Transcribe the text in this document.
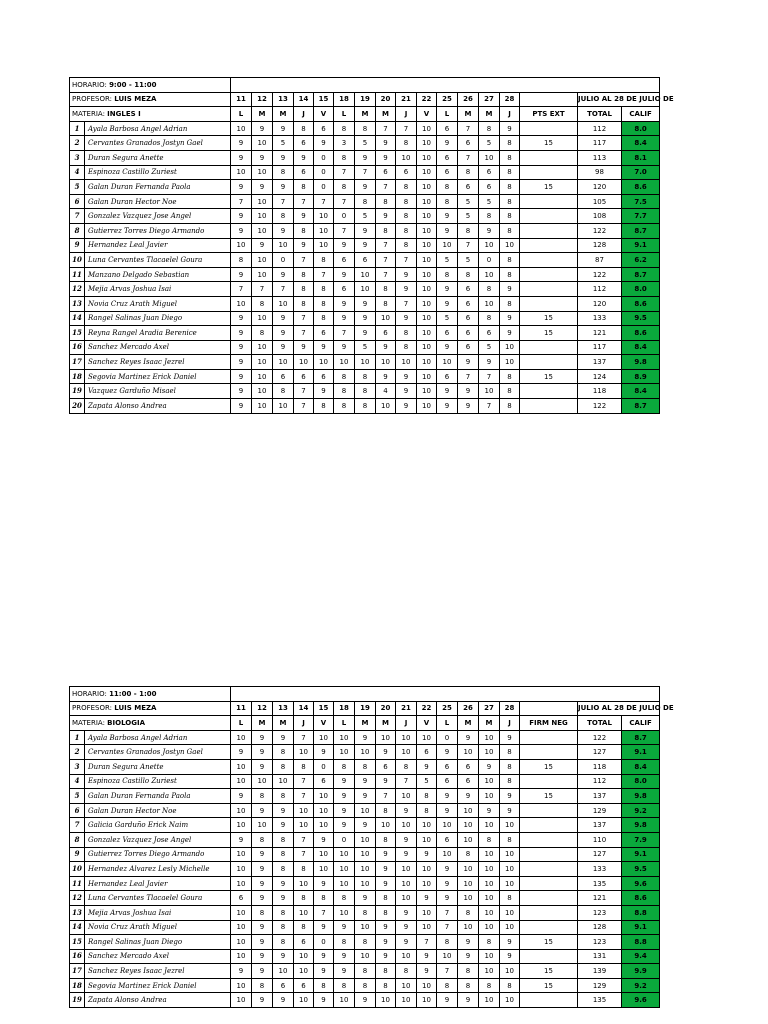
HORARIO: 9:00 - 11:00																		
PROFESOR: LUIS MEZA		11	12	13	14	15	18	19	20	21	22	25	26	27	28		JULIO AL 28 DE JULIO DE	
MATERIA: INGLES I		L	M	M	J	V	L	M	M	J	V	L	M	M	J	PTS EXT	TOTAL	CALIF
1	Ayala Barbosa Angel Adrian	10	9	9	8	6	8	8	7	7	10	6	7	8	9		112	8.0
2	Cervantes Granados Jostyn Gael	9	10	5	6	9	3	5	9	8	10	9	6	5	8	15	117	8.4
3	Duran Segura Anette	9	9	9	9	0	8	9	9	10	10	6	7	10	8		113	8.1
4	Espinoza Castillo Zuriest	10	10	8	6	0	7	7	6	6	10	6	8	6	8		98	7.0
5	Galan Duran Fernanda Paola	9	9	9	8	0	8	9	7	8	10	8	6	6	8	15	120	8.6
6	Galan Duran Hector Noe	7	10	7	7	7	7	8	8	8	10	8	5	5	8		105	7.5
7	Gonzalez Vazquez Jose Angel	9	10	8	9	10	0	5	9	8	10	9	5	8	8		108	7.7
8	Gutierrez Torres Diego Armando	9	10	9	8	10	7	9	8	8	10	9	8	9	8		122	8.7
9	Hernandez Leal Javier	10	9	10	9	10	9	9	7	8	10	10	7	10	10		128	9.1
10	Luna Cervantes Tlacaelel Goura	8	10	0	7	8	6	6	7	7	10	5	5	0	8		87	6.2
11	Manzano Delgado Sebastian	9	10	9	8	7	9	10	7	9	10	8	8	10	8		122	8.7
12	Mejia Arvas Joshua Isai	7	7	7	8	8	6	10	8	9	10	9	6	8	9		112	8.0
13	Novia Cruz Arath Miguel	10	8	10	8	8	9	9	8	7	10	9	6	10	8		120	8.6
14	Rangel Salinas Juan Diego	9	10	9	7	8	9	9	10	9	10	5	6	8	9	15	133	9.5
15	Reyna Rangel Aradia Berenice	9	8	9	7	6	7	9	6	8	10	6	6	6	9	15	121	8.6
16	Sanchez Mercado Axel	9	10	9	9	9	9	5	9	8	10	9	6	5	10		117	8.4
17	Sanchez Reyes Isaac Jezrel	9	10	10	10	10	10	10	10	10	10	10	9	9	10		137	9.8
18	Segovia Martinez Erick Daniel	9	10	6	6	6	8	8	9	9	10	6	7	7	8	15	124	8.9
19	Vazquez Garduño Misael	9	10	8	7	9	8	8	4	9	10	9	9	10	8		118	8.4
20	Zapata Alonso Andrea	9	10	10	7	8	8	8	10	9	10	9	9	7	8		122	8.7
HORARIO: 11:00 - 1:00																		
PROFESOR: LUIS MEZA		11	12	13	14	15	18	19	20	21	22	25	26	27	28		JULIO AL 28 DE JULIO DE	
MATERIA: BIOLOGIA		L	M	M	J	V	L	M	M	J	V	L	M	M	J	FIRM NEG	TOTAL	CALIF
1	Ayala Barbosa Angel Adrian	10	9	9	7	10	10	9	10	10	10	0	9	10	9		122	8.7
2	Cervantes Granados Jostyn Gael	9	9	8	10	9	10	10	9	10	6	9	10	10	8		127	9.1
3	Duran Segura Anette	10	9	8	8	0	8	8	6	8	9	6	6	9	8	15	118	8.4
4	Espinoza Castillo Zuriest	10	10	10	7	6	9	9	9	7	5	6	6	10	8		112	8.0
5	Galan Duran Fernanda Paola	9	8	8	7	10	9	9	7	10	8	9	9	10	9	15	137	9.8
6	Galan Duran Hector Noe	10	9	9	10	10	9	10	8	9	8	9	10	9	9		129	9.2
7	Galicia Garduño Erick Naim	10	10	9	10	10	9	9	10	10	10	10	10	10	10		137	9.8
8	Gonzalez Vazquez Jose Angel	9	8	8	7	9	0	10	8	9	10	6	10	8	8		110	7.9
9	Gutierrez Torres Diego Armando	10	9	8	7	10	10	10	9	9	9	10	8	10	10		127	9.1
10	Hernandez Alvarez Lesly Michelle	10	9	8	8	10	10	10	9	10	10	9	10	10	10		133	9.5
11	Hernandez Leal Javier	10	9	9	10	9	10	10	9	10	10	9	10	10	10		135	9.6
12	Luna Cervantes Tlacaelel Goura	6	9	9	8	8	8	9	8	10	9	9	10	10	8		121	8.6
13	Mejia Arvas Joshua Isai	10	8	8	10	7	10	8	8	9	10	7	8	10	10		123	8.8
14	Novia Cruz Arath Miguel	10	9	8	8	9	9	10	9	9	10	7	10	10	10		128	9.1
15	Rangel Salinas Juan Diego	10	9	8	6	0	8	8	9	9	7	8	9	8	9	15	123	8.8
16	Sanchez Mercado Axel	10	9	9	10	9	9	10	9	10	9	10	9	10	9		131	9.4
17	Sanchez Reyes Isaac Jezrel	9	9	10	10	9	9	8	8	8	9	7	8	10	10	15	139	9.9
18	Segovia Martinez Erick Daniel	10	8	6	6	8	8	8	8	10	10	8	8	8	8	15	129	9.2
19	Zapata Alonso Andrea	10	9	9	10	9	10	9	10	10	10	9	9	10	10		135	9.6
